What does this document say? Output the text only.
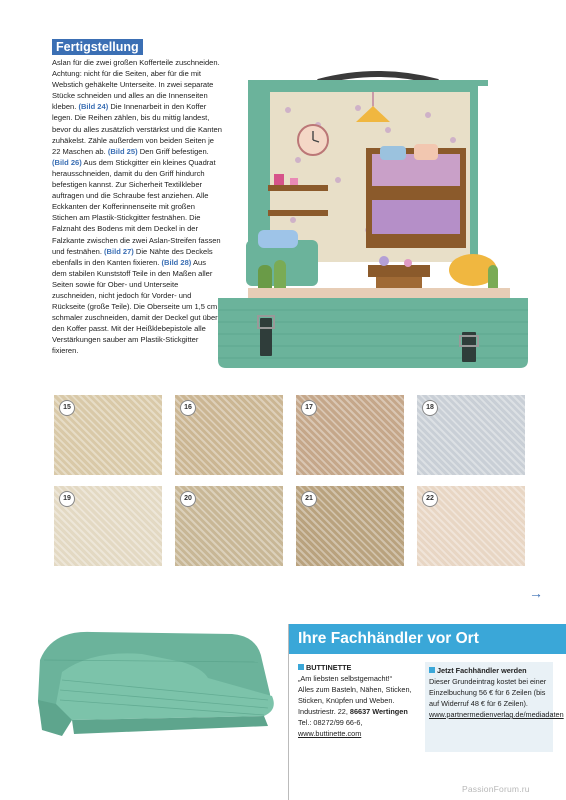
Fertigstellung
Aslan für die zwei großen Kofferteile zuschneiden. Achtung: nicht für die Seiten, aber für die mit Webstich gehäkelte Unterseite. In zwei separate Stücke schneiden und alles an die Innenseiten kleben. (Bild 24) Die Innenarbeit in den Koffer legen. Die Reihen zählen, bis du mittig landest, bevor du alles zusätzlich verstärkst und die Kanten zuhäkelst. Zähle außerdem von beiden Seiten je 22 Maschen ab. (Bild 25) Den Griff befestigen. (Bild 26) Aus dem Stickgitter ein kleines Quadrat herausschneiden, damit du den Griff hindurch befestigen kannst. Zur Sicherheit Textilkleber auftragen und die Schraube fest anziehen. Alle Eckkanten der Kofferinnenseite mit großen Stichen am Plastik-Stickgitter festnähen. Die Falznaht des Bodens mit dem Deckel in der Falzkante zwischen die zwei Aslan-Streifen fassen und festnähen. (Bild 27) Die Nähte des Deckels ebenfalls in den Kanten fixieren. (Bild 28) Aus dem stabilen Kunststoff Teile in den Maßen aller Seiten sowie für Ober- und Unterseite zuschneiden, nicht jedoch für Vorder- und Rückseite (große Teile). Die Oberseite um 1,5 cm schmaler zuschneiden, damit der Deckel gut über den Koffer passt. Mit der Heißklebepistole alle Verstärkungen sauber am Plastik-Stickgitter fixieren.
15	16	17	18
19	20	21	22
→
Ihre Fachhändler vor Ort
BUTTINETTE
„Am liebsten selbstgemacht!“
Alles zum Basteln, Nähen, Sticken, Sticken, Knüpfen und Weben.
Industriestr. 22, 86637 Wertingen
Tel.: 08272/99 66-6, www.buttinette.com
Jetzt Fachhändler werden
Dieser Grundeintrag kostet bei einer Einzelbuchung 56 € für 6 Zeilen (bis auf Widerruf 48 € für 6 Zeilen).
www.partnermedienverlag.de/mediadaten
PassionForum.ru
